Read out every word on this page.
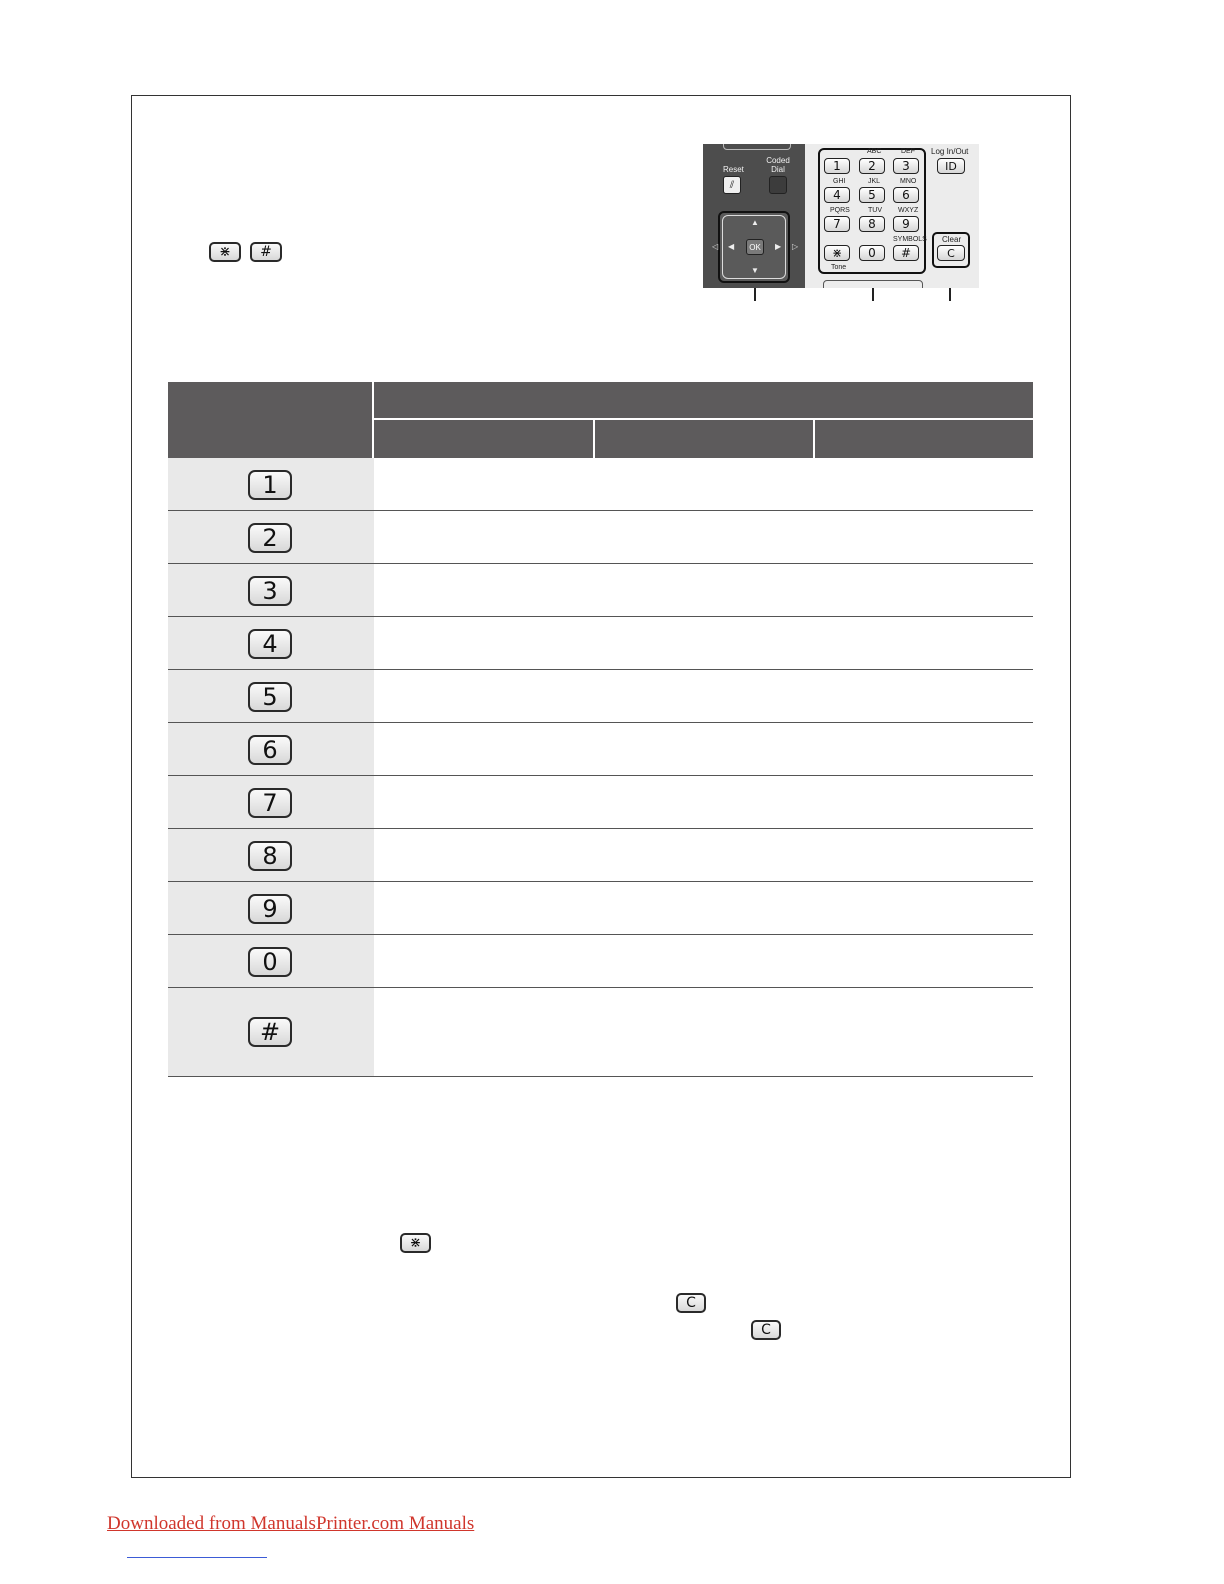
⋇	#
Reset
⫽
Coded Dial
▲
▼
◀	▶
OK
◁	▷
ABC	DEF
GHI	JKL	MNO
PQRS	TUV WXYZ
SYMBOLS
1	2	3
4	5	6
7	8	9
⋇	0	#
Tone
Log In/Out
ID
Clear
C
1
2
3
4
5
6
7
8
9
0
#
⋇
C
C
Downloaded from ManualsPrinter.com Manuals
